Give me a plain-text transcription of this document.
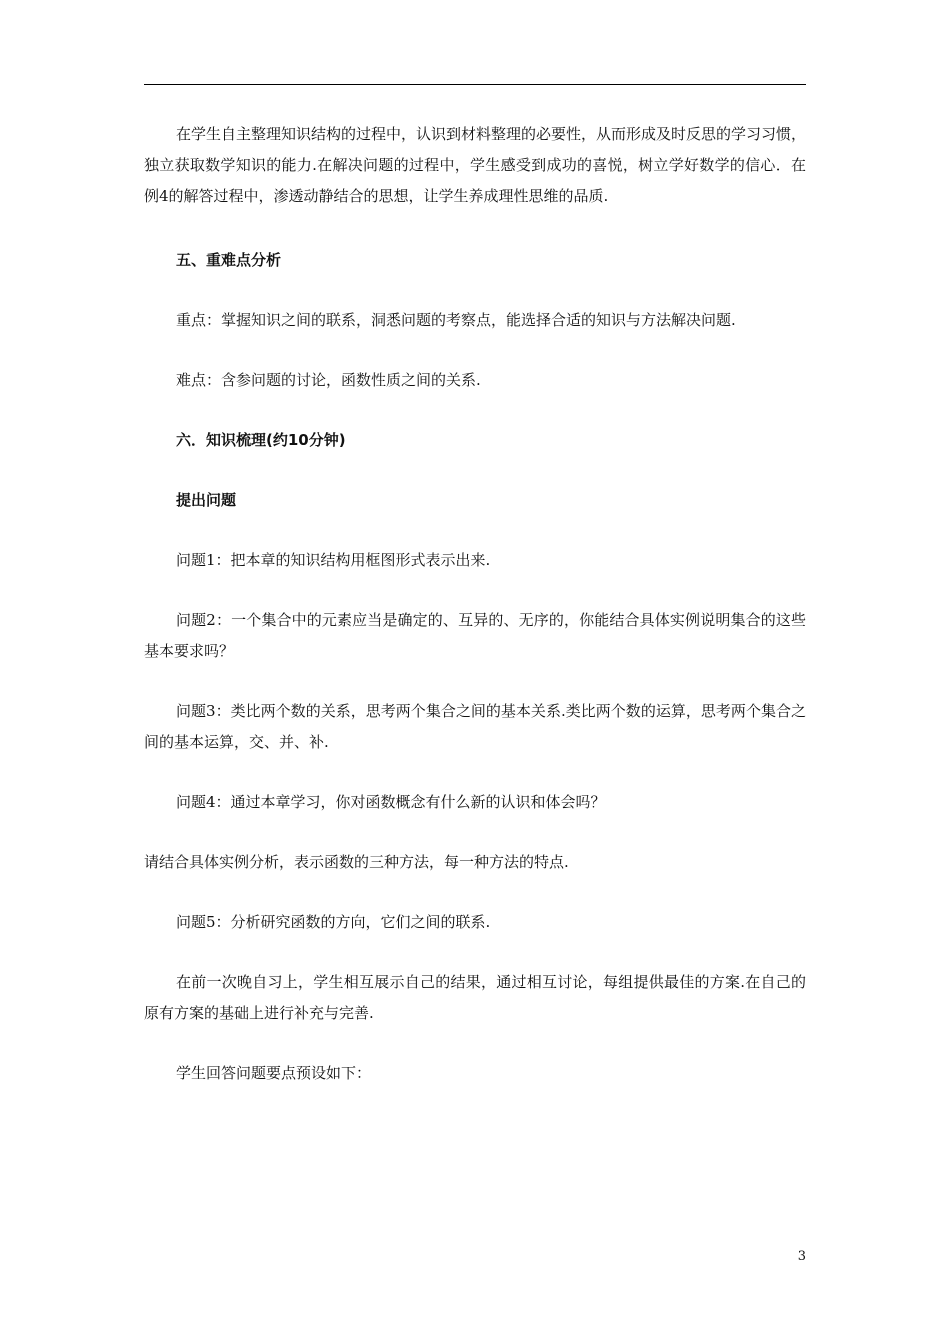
在学生自主整理知识结构的过程中，认识到材料整理的必要性，从而形成及时反思的学习习惯，独立获取数学知识的能力.在解决问题的过程中，学生感受到成功的喜悦，树立学好数学的信心．在例4的解答过程中，渗透动静结合的思想，让学生养成理性思维的品质.

五、重难点分析

重点：掌握知识之间的联系，洞悉问题的考察点，能选择合适的知识与方法解决问题.

难点：含参问题的讨论，函数性质之间的关系.

六．知识梳理(约10分钟)

提出问题

问题1：把本章的知识结构用框图形式表示出来.

问题2：一个集合中的元素应当是确定的、互异的、无序的，你能结合具体实例说明集合的这些基本要求吗？

问题3：类比两个数的关系，思考两个集合之间的基本关系.类比两个数的运算，思考两个集合之间的基本运算，交、并、补.

问题4：通过本章学习，你对函数概念有什么新的认识和体会吗？

请结合具体实例分析，表示函数的三种方法，每一种方法的特点.

问题5：分析研究函数的方向，它们之间的联系.

在前一次晚自习上，学生相互展示自己的结果，通过相互讨论，每组提供最佳的方案.在自己的原有方案的基础上进行补充与完善.

学生回答问题要点预设如下：

3
